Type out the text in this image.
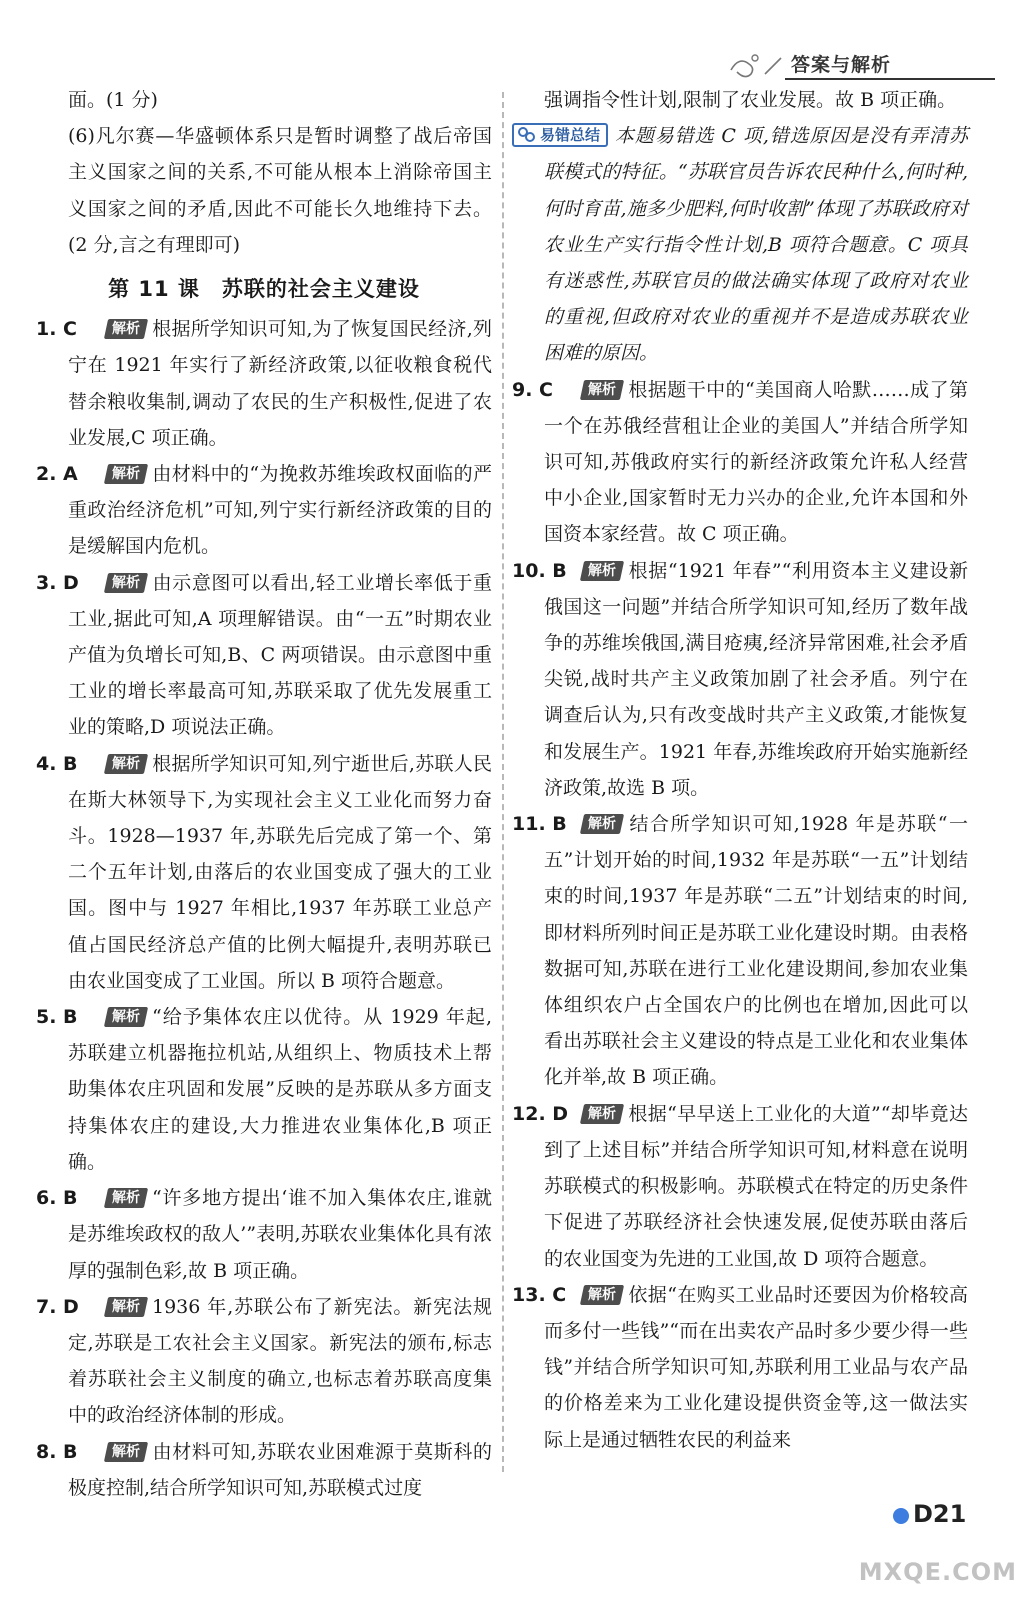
答案与解析

面。(1 分)

(6)凡尔赛—华盛顿体系只是暂时调整了战后帝国主义国家之间的关系,不可能从根本上消除帝国主义国家之间的矛盾,因此不可能长久地维持下去。(2 分,言之有理即可)

第 11 课　苏联的社会主义建设

1. C	解析 根据所学知识可知,为了恢复国民经济,列宁在 1921 年实行了新经济政策,以征收粮食税代替余粮收集制,调动了农民的生产积极性,促进了农业发展,C 项正确。

2. A 解析 由材料中的“为挽救苏维埃政权面临的严重政治经济危机”可知,列宁实行新经济政策的目的是缓解国内危机。

3. D 解析 由示意图可以看出,轻工业增长率低于重工业,据此可知,A 项理解错误。由“一五”时期农业产值为负增长可知,B、C 两项错误。由示意图中重工业的增长率最高可知,苏联采取了优先发展重工业的策略,D 项说法正确。

4. B 解析 根据所学知识可知,列宁逝世后,苏联人民在斯大林领导下,为实现社会主义工业化而努力奋斗。1928—1937 年,苏联先后完成了第一个、第二个五年计划,由落后的农业国变成了强大的工业国。图中与 1927 年相比,1937 年苏联工业总产值占国民经济总产值的比例大幅提升,表明苏联已由农业国变成了工业国。所以 B 项符合题意。

5. B 解析 “给予集体农庄以优待。从 1929 年起,苏联建立机器拖拉机站,从组织上、物质技术上帮助集体农庄巩固和发展”反映的是苏联从多方面支持集体农庄的建设,大力推进农业集体化,B 项正确。

6. B 解析 “许多地方提出‘谁不加入集体农庄,谁就是苏维埃政权的敌人’”表明,苏联农业集体化具有浓厚的强制色彩,故 B 项正确。

7. D 解析 1936 年,苏联公布了新宪法。新宪法规定,苏联是工农社会主义国家。新宪法的颁布,标志着苏联社会主义制度的确立,也标志着苏联高度集中的政治经济体制的形成。

8. B 解析 由材料可知,苏联农业困难源于莫斯科的极度控制,结合所学知识可知,苏联模式过度

强调指令性计划,限制了农业发展。故 B 项正确。

易错总结 本题易错选 C 项,错选原因是没有弄清苏联模式的特征。“苏联官员告诉农民种什么,何时种,何时育苗,施多少肥料,何时收割”体现了苏联政府对农业生产实行指令性计划,B 项符合题意。C 项具有迷惑性,苏联官员的做法确实体现了政府对农业的重视,但政府对农业的重视并不是造成苏联农业困难的原因。

9. C	解析 根据题干中的“美国商人哈默……成了第一个在苏俄经营租让企业的美国人”并结合所学知识可知,苏俄政府实行的新经济政策允许私人经营中小企业,国家暂时无力兴办的企业,允许本国和外国资本家经营。故 C 项正确。

10. B 解析 根据“1921 年春”“利用资本主义建设新俄国这一问题”并结合所学知识可知,经历了数年战争的苏维埃俄国,满目疮痍,经济异常困难,社会矛盾尖锐,战时共产主义政策加剧了社会矛盾。列宁在调查后认为,只有改变战时共产主义政策,才能恢复和发展生产。1921 年春,苏维埃政府开始实施新经济政策,故选 B 项。

11. B 解析 结合所学知识可知,1928 年是苏联“一五”计划开始的时间,1932 年是苏联“一五”计划结束的时间,1937 年是苏联“二五”计划结束的时间,即材料所列时间正是苏联工业化建设时期。由表格数据可知,苏联在进行工业化建设期间,参加农业集体组织农户占全国农户的比例也在增加,因此可以看出苏联社会主义建设的特点是工业化和农业集体化并举,故 B 项正确。

12. D 解析 根据“早早送上工业化的大道”“却毕竟达到了上述目标”并结合所学知识可知,材料意在说明苏联模式的积极影响。苏联模式在特定的历史条件下促进了苏联经济社会快速发展,促使苏联由落后的农业国变为先进的工业国,故 D 项符合题意。

13. C 解析 依据“在购买工业品时还要因为价格较高而多付一些钱”“而在出卖农产品时多少要少得一些钱”并结合所学知识可知,苏联利用工业品与农产品的价格差来为工业化建设提供资金等,这一做法实际上是通过牺牲农民的利益来

D21
MXQE.COM
